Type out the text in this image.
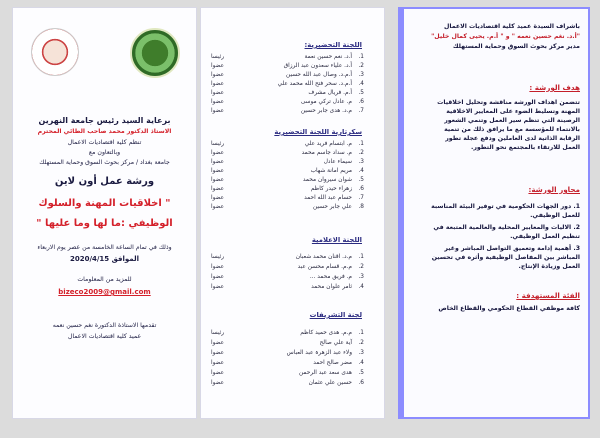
برعاية السيد رئيس جامعة النهرين
الاستاذ الدكتور محمد صاحب الطائي المحترم
تنظم كلية اقتصاديات الاعمال
وبالتعاون مع
جامعة بغداد / مركز بحوث السوق وحماية المستهلك
ورشة عمل أون لاين
" اخلاقيات المهنة والسلوك
الوظيفي :ما لها وما عليها "
وذلك في تمام الساعة الخامسة من عصر يوم الاربعاء
الموافق 2020/4/15
للمزيد من المعلومات
bizeco2009@gmail.com
تقدمها الاستاذة الدكتورة نغم حسين نعمه
عميد كلية اقتصاديات الاعمال
اللجنة التحضيرية:
1.
أ.د. نغم حسين نعمة
رئيسا
2.
أ.د. علياء سعدون عبد الرزاق
عضوا
3.
أ.م.د. وصال عبد الله حسين
عضوا
4.
أ.م.د. سحر فتح الله محمد علي
عضوا
5.
أ.م. فريال مشرف
عضوا
6.
م. عادل تركي موسى
عضوا
7.
م.د. هدى جابر حسين
عضوا
سكرتارية اللجنة التحضيرية
1.
م. ابتسام فريد علي
رئيسا
2.
م. سداد جاسم محمد
عضوا
3.
سيماء عادل
عضوا
4.
مريم امانة شهاب
عضوا
5.
شوان سيروان محمد
عضوا
6.
زهراء حيدر كاظم
عضوا
7.
حسام عبد الله احمد
عضوا
8.
علي جابر حسين
عضوا
اللجنة الاعلامية
1.
م.د. اقنان محمد شعبان
رئيسا
2.
م.م. قسام محسن عبد
عضوا
3.
م. فريق محمد ...
عضوا
4.
ثامر علوان محمد
عضوا
لجنة التشريفات
1.
م.م. هدى حميد كاظم
رئيسا
2.
آية علي صالح
عضوا
3.
ولاء عبد الزهرة عبد العباس
عضوا
4.
مضر صالح احمد
عضوا
5.
هدى سعد عبد الرحمن
عضوا
6.
حسين علي عثمان
عضوا
باشراف السيدة عميد كلية اقتصاديات الاعمال
"أ.د. نغم حسين نعمه " و " أ.م. يحيى كمال خليل"
مدير مركز بحوث السوق وحماية المستهلك
هدف الورشة :
تتضمن اهداف الورشة مناقشة وتحليل اخلاقيات
المهنة وتسليط الضوء على المعايير الاخلاقية
الرصينة التي تنظم سير العمل وتنمي الشعور
بالانتماء للمؤسسة مع ما يرافق ذلك من تنمية
الرقابة الذاتية لدى العاملين ودفع عجلة تطور
العمل للارتقاء بالمجتمع نحو التطور.
محاور الورشة:
1. دور الجهات الحكومية في توفير البيئة المناسبة
للعمل الوظيفي.
2. الاليات والمعايير المحلية والعالمية المتبعة في
تنظيم العمل الوظيفي.
3. أهمية إدامة وتعميق التواصل المباشر وغير
المباشر بين المفاصل الوظيفية وأثره في تحسين
العمل وزيادة الإنتاج.
الفئة المستهدفة :
كافة موظفي القطاع الحكومي والقطاع الخاص
